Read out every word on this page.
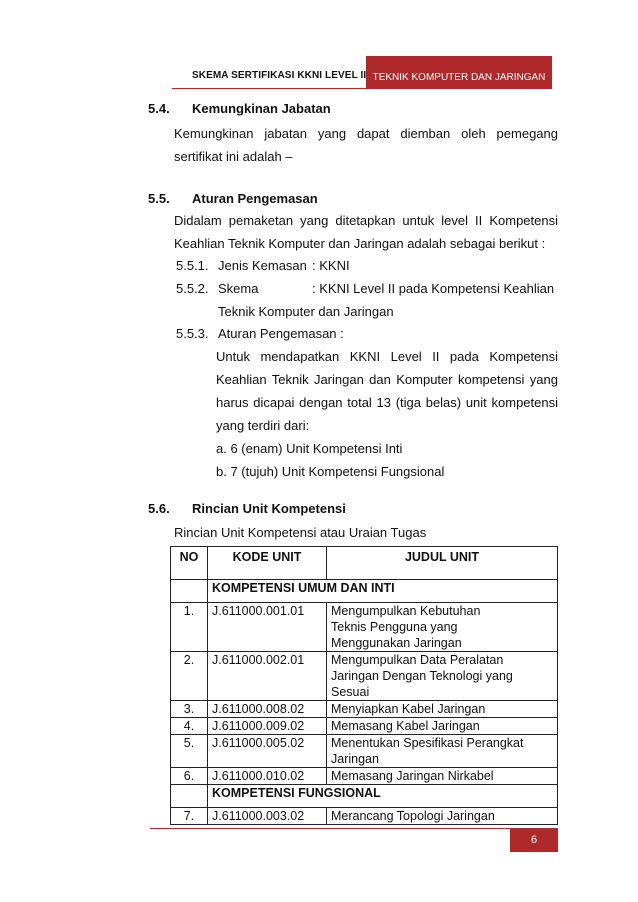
SKEMA SERTIFIKASI KKNI LEVEL II TEKNIK KOMPUTER DAN JARINGAN
5.4. Kemungkinan Jabatan
Kemungkinan jabatan yang dapat diemban oleh pemegang
sertifikat ini adalah –
5.5. Aturan Pengemasan
Didalam pemaketan yang ditetapkan untuk level II Kompetensi
Keahlian Teknik Komputer dan Jaringan adalah sebagai berikut :
5.5.1. Jenis Kemasan : KKNI
5.5.2. Skema	: KKNI Level II pada Kompetensi Keahlian
Teknik Komputer dan Jaringan
5.5.3. Aturan Pengemasan :
Untuk mendapatkan KKNI Level II pada Kompetensi
Keahlian Teknik Jaringan dan Komputer kompetensi yang
harus dicapai dengan total 13 (tiga belas) unit kompetensi
yang terdiri dari:
a. 6 (enam) Unit Kompetensi Inti
b. 7 (tujuh) Unit Kompetensi Fungsional
5.6. Rincian Unit Kompetensi
Rincian Unit Kompetensi atau Uraian Tugas
NO	KODE UNIT	JUDUL UNIT
	KOMPETENSI UMUM DAN INTI	
1.	J.611000.001.01	Mengumpulkan Kebutuhan Teknis Pengguna yang Menggunakan Jaringan
2.	J.611000.002.01	Mengumpulkan Data Peralatan Jaringan Dengan Teknologi yang Sesuai
3.	J.611000.008.02	Menyiapkan Kabel Jaringan
4.	J.611000.009.02	Memasang Kabel Jaringan
5.	J.611000.005.02	Menentukan Spesifikasi Perangkat Jaringan
6.	J.611000.010.02	Memasang Jaringan Nirkabel
	KOMPETENSI FUNGSIONAL	
7.	J.611000.003.02	Merancang Topologi Jaringan
6
